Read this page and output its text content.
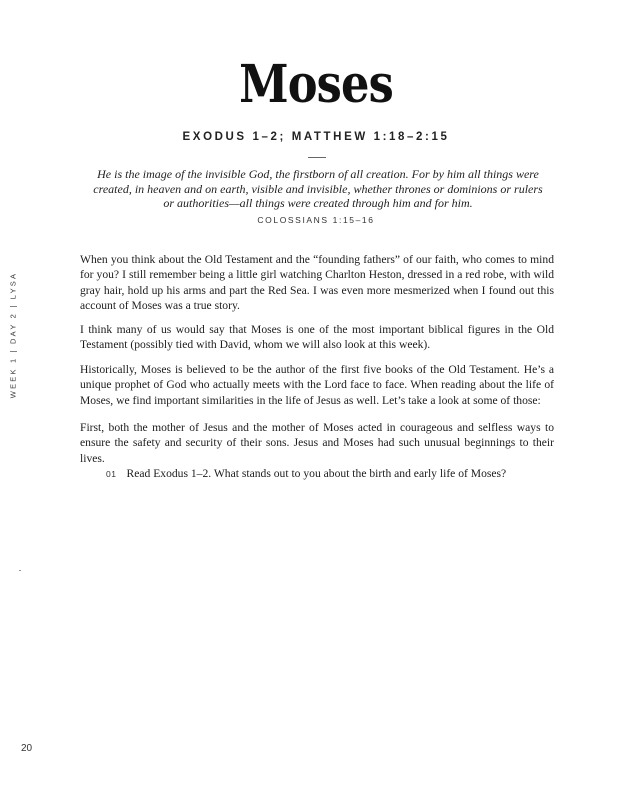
Moses
EXODUS 1–2; MATTHEW 1:18–2:15
He is the image of the invisible God, the firstborn of all creation. For by him all things were created, in heaven and on earth, visible and invisible, whether thrones or dominions or rulers or authorities—all things were created through him and for him.
COLOSSIANS 1:15–16
WEEK 1 | DAY 2 | LYSA

When you think about the Old Testament and the “founding fathers” of our faith, who comes to mind for you? I still remember being a little girl watching Charlton Heston, dressed in a red robe, with wild gray hair, hold up his arms and part the Red Sea. I was even more mesmerized when I found out this account of Moses was a true story.

I think many of us would say that Moses is one of the most important biblical figures in the Old Testament (possibly tied with David, whom we will also look at this week).

Historically, Moses is believed to be the author of the first five books of the Old Testament. He’s a unique prophet of God who actually meets with the Lord face to face. When reading about the life of Moses, we find important similarities in the life of Jesus as well. Let’s take a look at some of those:

First, both the mother of Jesus and the mother of Moses acted in courageous and selfless ways to ensure the safety and security of their sons. Jesus and Moses had such unusual beginnings to their lives.

01 Read Exodus 1–2. What stands out to you about the birth and early life of Moses?
20
